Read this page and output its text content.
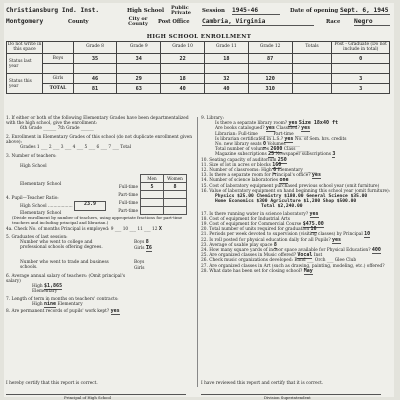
Christiansburg Ind. Inst.	High School Public
Private Session 1945-46	Date of opening Sept. 6, 1945
Montgomery	County	City or County	Post Office Cambria, Virginia	Race Negro
HIGH SCHOOL ENROLLMENT
Do not write in this space		Grade 8	Grade 9	Grade 10	Grade 11	Grade 12	Totals	Post - Graduate (Do not include in total)
Status last year	Boys	35	34	22	18	87		0

Status this year	Girls	46	29	18	32	120		3
	TOTAL	81	63	40	40	310		3
1. If either or both of the following Elementary Grades have been departmentalized with the high school, give the enrollment:
6th Grade ______ 7th Grade ______
2. Enrollment in Elementary Grades of this school (do not duplicate enrollment given above):
Grades 1 ___ 2 ___ 3 ___ 4 ___ 5 ___ 6 ___ 7 ___ Total
3. Number of teachers:
High School
Elementary School
4. Pupil—Teacher Ratio:
High School .................. 23.9
Elementary School
(Divide enrollment by number of teachers, using appropriate fractions for part-time teachers and including principal and librarian.)
4a. Check No. of months Principal is employed: 9 ___ 10 ___ 11 ___ 12 X
5. Graduates of last session:
Number who went to college and professional schools offering degrees.
Boys 8
Girls 16
Number who went to trade and business schools.
Boys
Girls
6. Average annual salary of teachers: (Omit principal's salary)
High $1,865
Elementary
7. Length of term in months on teachers' contracts:
High nine Elementary
8. Are permanent records of pupils' work kept? yes
	Men	Women
Full-time	5	8
Part-time		
Full-time		
Part-time		
9. Library:
Is there a separate library room? yes Size 18x40 ft
Are books catalogued? yes Classified? yes
Librarian: Full-time ______ Part-time ______
Is librarian certificated in L.S.? yes No. of Sem. hrs. credits
No. new library seats 0 Volumes ______
Total number of volumes 2600 Class ______
Magazine subscriptions 25 Newspaper subscriptions 3
10. Seating capacity of auditorium 250
11. Size of lot in acres or blocks 160
12. Number of classrooms: High 6 Elementary ______
13. Is there a separate room for Principal's office? yes
14. Number of science laboratories one
15. Cost of laboratory equipment purchased previous school year (omit furniture)
16. Value of laboratory equipment on hand beginning this school year (omit furniture):
Physics $25.00 Chemistry $180.00 General Science $35.00
Home Economics $300 Agriculture $1,200 Shop $500.00
Total $2,240.00
17. Is there running water in science laboratory? yes
18. Cost of equipment for Industrial Arts
19. Cost of equipment for Commercial Course $475.00
20. Total number of units required for graduation 16
21. Periods per week devoted to supervision (visiting classes) by Principal 10
22. Is roll posted for physical education daily for all Pupils? yes
23. Average of usable play space 8
24. How many square yards of indoor space available for Physical Education? 400
25. Are organized classes in Music offered? Vocal Inst
26. Check music organizations developed: Band ___ Orch ___ Glee Club
27. Are organized classes in Art (such as drawing, painting, modeling, etc.) offered?
28. What date has been set for closing school? May
I hereby certify that this report is correct.	I have reviewed this report and certify that it is correct.
Principal of High School	Division Superintendent
